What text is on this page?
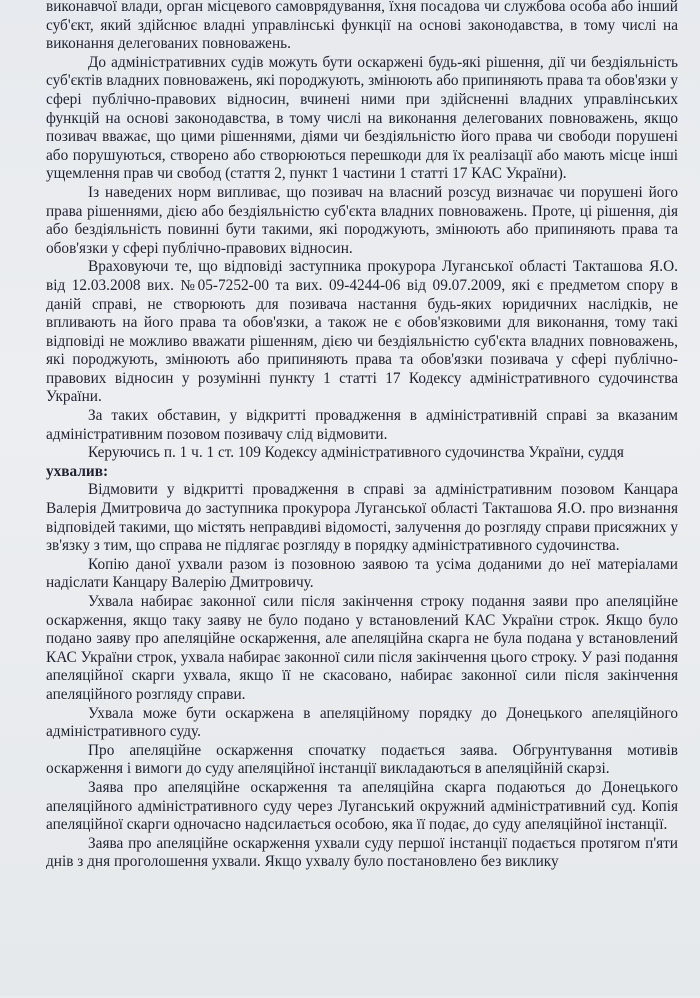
виконавчої влади, орган місцевого самоврядування, їхня посадова чи службова особа або інший суб'єкт, який здійснює владні управлінські функції на основі законодавства, в тому числі на виконання делегованих повноважень.

До адміністративних судів можуть бути оскаржені будь-які рішення, дії чи бездіяльність суб'єктів владних повноважень, які породжують, змінюють або припиняють права та обов'язки у сфері публічно-правових відносин, вчинені ними при здійсненні владних управлінських функцій на основі законодавства, в тому числі на виконання делегованих повноважень, якщо позивач вважає, що цими рішеннями, діями чи бездіяльністю його права чи свободи порушені або порушуються, створено або створюються перешкоди для їх реалізації або мають місце інші ущемлення прав чи свобод (стаття 2, пункт 1 частини 1 статті 17 КАС України).

Із наведених норм випливає, що позивач на власний розсуд визначає чи порушені його права рішеннями, дією або бездіяльністю суб'єкта владних повноважень. Проте, ці рішення, дія або бездіяльність повинні бути такими, які породжують, змінюють або припиняють права та обов'язки у сфері публічно-правових відносин.

Враховуючи те, що відповіді заступника прокурора Луганської області Такташова Я.О. від 12.03.2008 вих. №05-7252-00 та вих. 09-4244-06 від 09.07.2009, які є предметом спору в даній справі, не створюють для позивача настання будь-яких юридичних наслідків, не впливають на його права та обов'язки, а також не є обов'язковими для виконання, тому такі відповіді не можливо вважати рішенням, дією чи бездіяльністю суб'єкта владних повноважень, які породжують, змінюють або припиняють права та обов'язки позивача у сфері публічно-правових відносин у розумінні пункту 1 статті 17 Кодексу адміністративного судочинства України.

За таких обставин, у відкритті провадження в адміністративній справі за вказаним адміністративним позовом позивачу слід відмовити.

Керуючись п. 1 ч. 1 ст. 109 Кодексу адміністративного судочинства України, суддя

ухвалив:

Відмовити у відкритті провадження в справі за адміністративним позовом Канцара Валерія Дмитровича до заступника прокурора Луганської області Такташова Я.О. про визнання відповідей такими, що містять неправдиві відомості, залучення до розгляду справи присяжних у зв'язку з тим, що справа не підлягає розгляду в порядку адміністративного судочинства.

Копію даної ухвали разом із позовною заявою та усіма доданими до неї матеріалами надіслати Канцару Валерію Дмитровичу.

Ухвала набирає законної сили після закінчення строку подання заяви про апеляційне оскарження, якщо таку заяву не було подано у встановлений КАС України строк. Якщо було подано заяву про апеляційне оскарження, але апеляційна скарга не була подана у встановлений КАС України строк, ухвала набирає законної сили після закінчення цього строку. У разі подання апеляційної скарги ухвала, якщо її не скасовано, набирає законної сили після закінчення апеляційного розгляду справи.

Ухвала може бути оскаржена в апеляційному порядку до Донецького апеляційного адміністративного суду.

Про апеляційне оскарження спочатку подається заява. Обгрунтування мотивів оскарження і вимоги до суду апеляційної інстанції викладаються в апеляційній скарзі.

Заява про апеляційне оскарження та апеляційна скарга подаються до Донецького апеляційного адміністративного суду через Луганський окружний адміністративний суд. Копія апеляційної скарги одночасно надсилається особою, яка її подає, до суду апеляційної інстанції.

Заява про апеляційне оскарження ухвали суду першої інстанції подається протягом п'яти днів з дня проголошення ухвали. Якщо ухвалу було постановлено без виклику
